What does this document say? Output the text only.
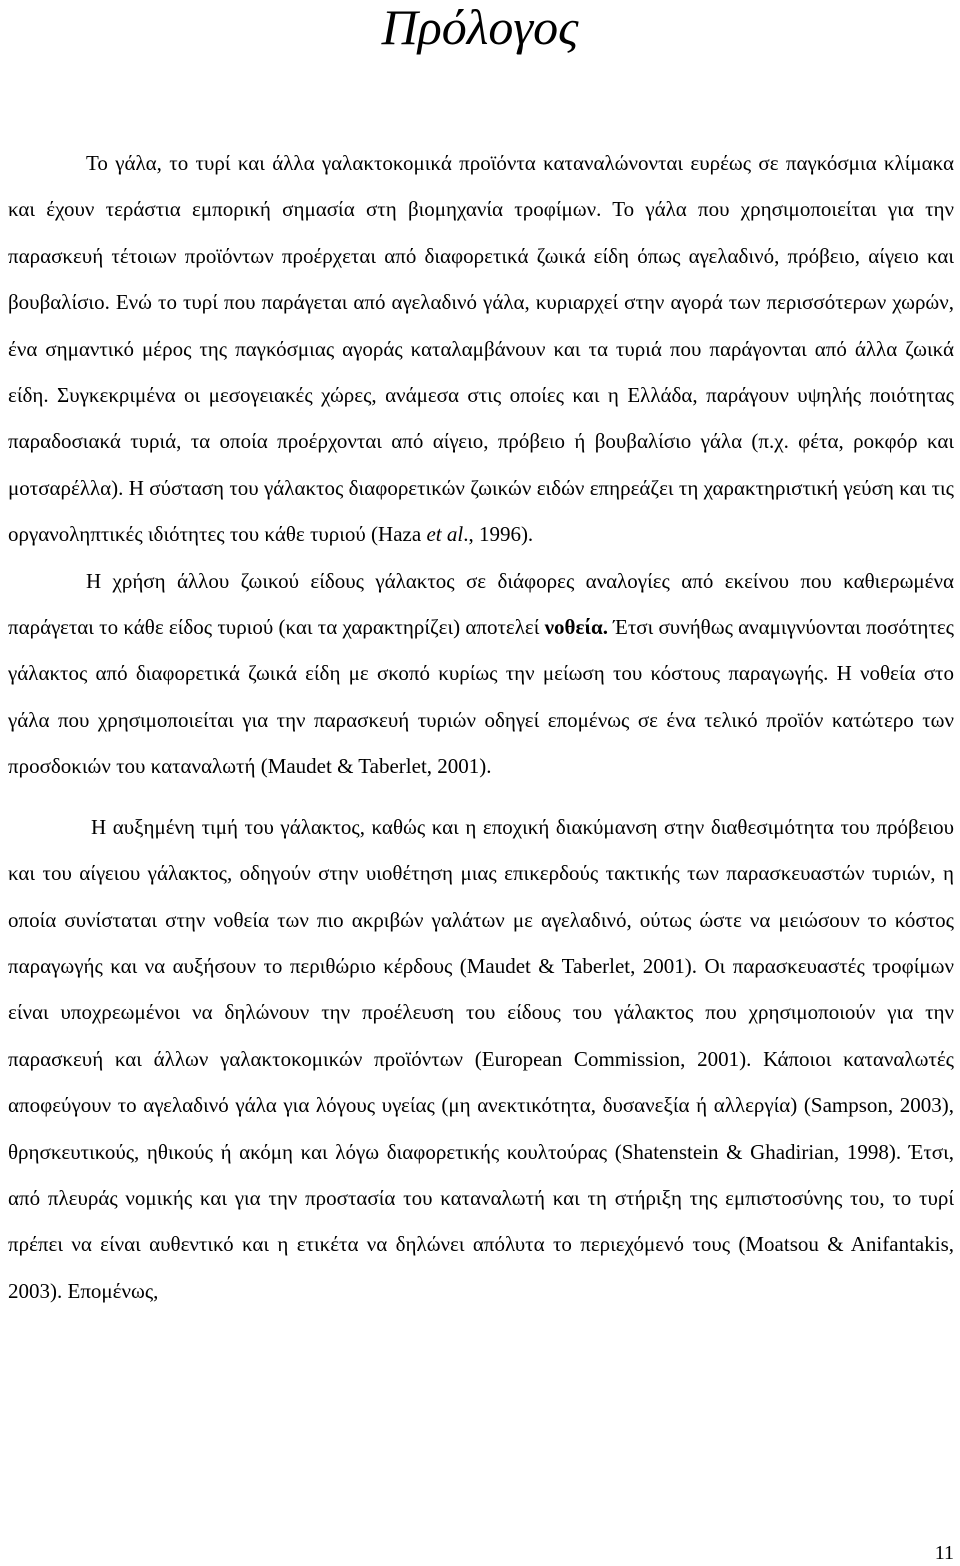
Πρόλογος

Το γάλα, το τυρί και άλλα γαλακτοκομικά προϊόντα καταναλώνονται ευρέως σε παγκόσμια κλίμακα και έχουν τεράστια εμπορική σημασία στη βιομηχανία τροφίμων. Το γάλα που χρησιμοποιείται για την παρασκευή τέτοιων προϊόντων προέρχεται από διαφορετικά ζωικά είδη όπως αγελαδινό, πρόβειο, αίγειο και βουβαλίσιο. Ενώ το τυρί που παράγεται από αγελαδινό γάλα, κυριαρχεί στην αγορά των περισσότερων χωρών, ένα σημαντικό μέρος της παγκόσμιας αγοράς καταλαμβάνουν και τα τυριά που παράγονται από άλλα ζωικά είδη. Συγκεκριμένα οι μεσογειακές χώρες, ανάμεσα στις οποίες και η Ελλάδα, παράγουν υψηλής ποιότητας παραδοσιακά τυριά, τα οποία προέρχονται από αίγειο, πρόβειο ή βουβαλίσιο γάλα (π.χ. φέτα, ροκφόρ και μοτσαρέλλα). Η σύσταση του γάλακτος διαφορετικών ζωικών ειδών επηρεάζει τη χαρακτηριστική γεύση και τις οργανοληπτικές ιδιότητες του κάθε τυριού (Haza et al., 1996).

Η χρήση άλλου ζωικού είδους γάλακτος σε διάφορες αναλογίες από εκείνου που καθιερωμένα παράγεται το κάθε είδος τυριού (και τα χαρακτηρίζει) αποτελεί νοθεία. Έτσι συνήθως αναμιγνύονται ποσότητες γάλακτος από διαφορετικά ζωικά είδη με σκοπό κυρίως την μείωση του κόστους παραγωγής. Η νοθεία στο γάλα που χρησιμοποιείται για την παρασκευή τυριών οδηγεί επομένως σε ένα τελικό προϊόν κατώτερο των προσδοκιών του καταναλωτή (Maudet & Taberlet, 2001).

Η αυξημένη τιμή του γάλακτος, καθώς και η εποχική διακύμανση στην διαθεσιμότητα του πρόβειου και του αίγειου γάλακτος, οδηγούν στην υιοθέτηση μιας επικερδούς τακτικής των παρασκευαστών τυριών, η οποία συνίσταται στην νοθεία των πιο ακριβών γαλάτων με αγελαδινό, ούτως ώστε να μειώσουν το κόστος παραγωγής και να αυξήσουν το περιθώριο κέρδους (Maudet & Taberlet, 2001). Οι παρασκευαστές τροφίμων είναι υποχρεωμένοι να δηλώνουν την προέλευση του είδους του γάλακτος που χρησιμοποιούν για την παρασκευή και άλλων γαλακτοκομικών προϊόντων (European Commission, 2001). Κάποιοι καταναλωτές αποφεύγουν το αγελαδινό γάλα για λόγους υγείας (μη ανεκτικότητα, δυσανεξία ή αλλεργία) (Sampson, 2003), θρησκευτικούς, ηθικούς ή ακόμη και λόγω διαφορετικής κουλτούρας (Shatenstein & Ghadirian, 1998). Έτσι, από πλευράς νομικής και για την προστασία του καταναλωτή και τη στήριξη της εμπιστοσύνης του, το τυρί πρέπει να είναι αυθεντικό και η ετικέτα να δηλώνει απόλυτα το περιεχόμενό τους (Moatsou & Anifantakis, 2003). Επομένως,

11
